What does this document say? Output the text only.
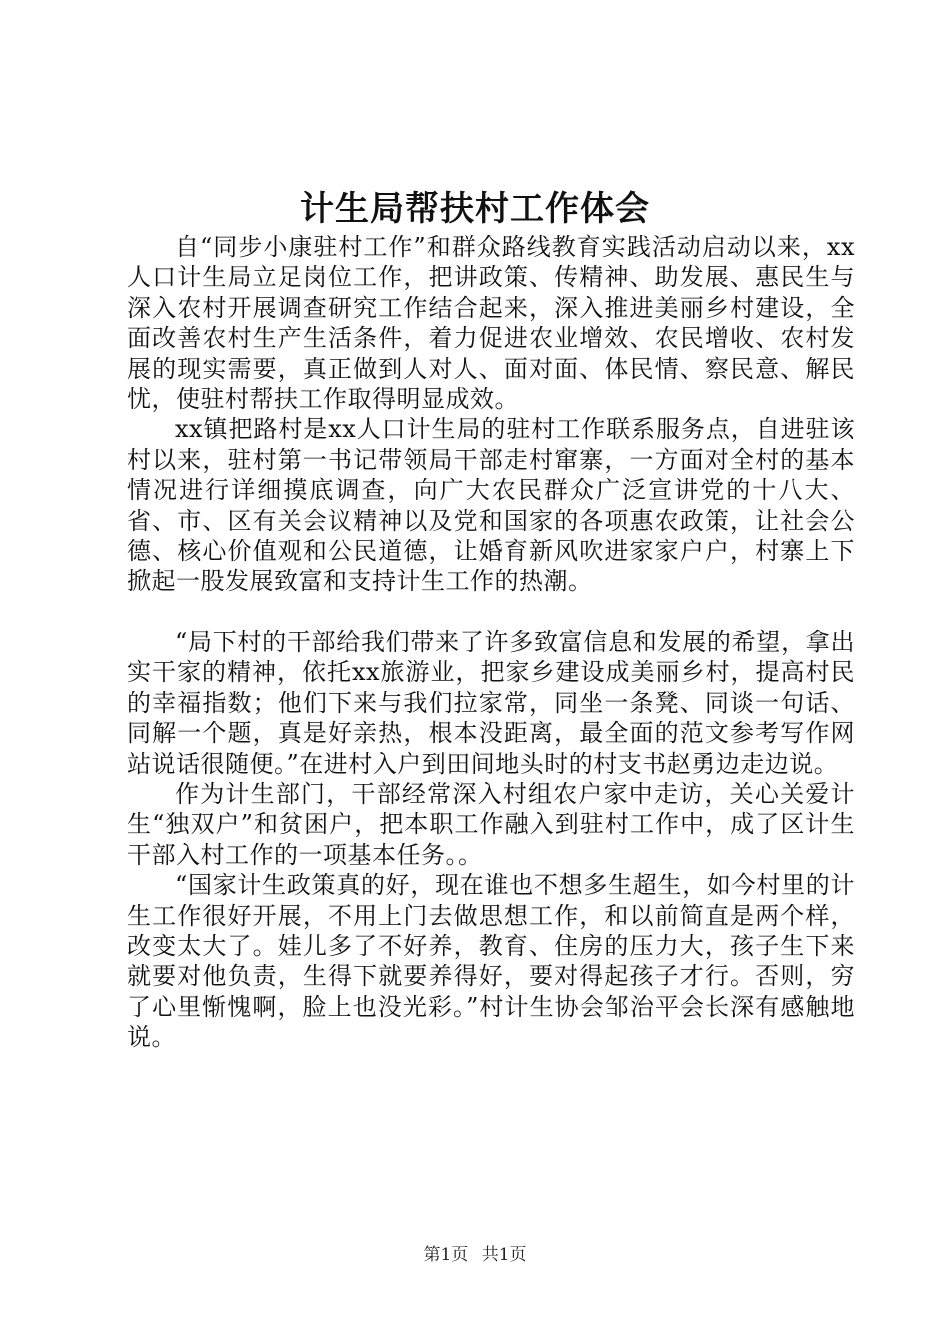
计生局帮扶村工作体会

自“同步小康驻村工作”和群众路线教育实践活动启动以来，xx人口计生局立足岗位工作，把讲政策、传精神、助发展、惠民生与深入农村开展调查研究工作结合起来，深入推进美丽乡村建设，全面改善农村生产生活条件，着力促进农业增效、农民增收、农村发展的现实需要，真正做到人对人、面对面、体民情、察民意、解民忧，使驻村帮扶工作取得明显成效。

xx镇把路村是xx人口计生局的驻村工作联系服务点，自进驻该村以来，驻村第一书记带领局干部走村窜寨，一方面对全村的基本情况进行详细摸底调查，向广大农民群众广泛宣讲党的十八大、省、市、区有关会议精神以及党和国家的各项惠农政策，让社会公德、核心价值观和公民道德，让婚育新风吹进家家户户，村寨上下掀起一股发展致富和支持计生工作的热潮。

“局下村的干部给我们带来了许多致富信息和发展的希望，拿出实干家的精神，依托xx旅游业，把家乡建设成美丽乡村，提高村民的幸福指数；他们下来与我们拉家常，同坐一条凳、同谈一句话、同解一个题，真是好亲热，根本没距离，最全面的范文参考写作网站说话很随便。”在进村入户到田间地头时的村支书赵勇边走边说。

作为计生部门，干部经常深入村组农户家中走访，关心关爱计生“独双户”和贫困户，把本职工作融入到驻村工作中，成了区计生干部入村工作的一项基本任务。。

“国家计生政策真的好，现在谁也不想多生超生，如今村里的计生工作很好开展，不用上门去做思想工作，和以前简直是两个样，改变太大了。娃儿多了不好养，教育、住房的压力大，孩子生下来就要对他负责，生得下就要养得好，要对得起孩子才行。否则，穷了心里惭愧啊，脸上也没光彩。”村计生协会邹治平会长深有感触地说。

第1页 共1页
